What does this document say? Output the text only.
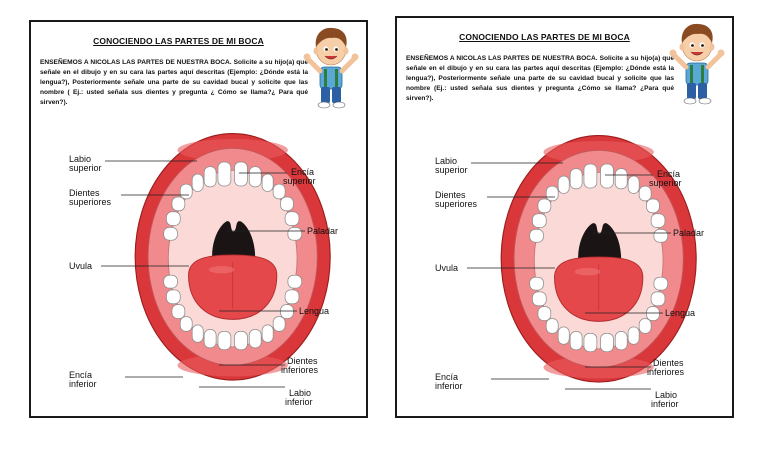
CONOCIENDO LAS PARTES DE MI BOCA
ENSEÑEMOS A NICOLAS LAS PARTES DE NUESTRA BOCA. Solicite a su hijo(a) que señale en el dibujo y en su cara las partes aquí descritas (Ejemplo: ¿Dónde está la lengua?), Posteriormente señale una parte de su cavidad bucal y solicite que las nombre ( Ej.: usted señala sus dientes y pregunta ¿ Cómo se llama?¿ Para qué sirven?).
Labio
superior	Encía
superior
Dientes
superiores
Paladar
Uvula
Lengua
Dientes
inferiores
Encía
inferior
Labio
inferior
CONOCIENDO LAS PARTES DE MI BOCA
ENSEÑEMOS A NICOLAS LAS PARTES DE NUESTRA BOCA. Solicite a su hijo(a) que señale en el dibujo y en su cara las partes aquí descritas (Ejemplo: ¿Dónde está la lengua?), Posteriormente señale una parte de su cavidad bucal y solicite que las nombre (Ej.: usted señala sus dientes y pregunta ¿Cómo se llama? ¿Para qué sirven?).
Labio
superior	Encía
superior
Dientes
superiores
Paladar
Uvula
Lengua
Dientes
inferiores
Encía
inferior
Labio
inferior
